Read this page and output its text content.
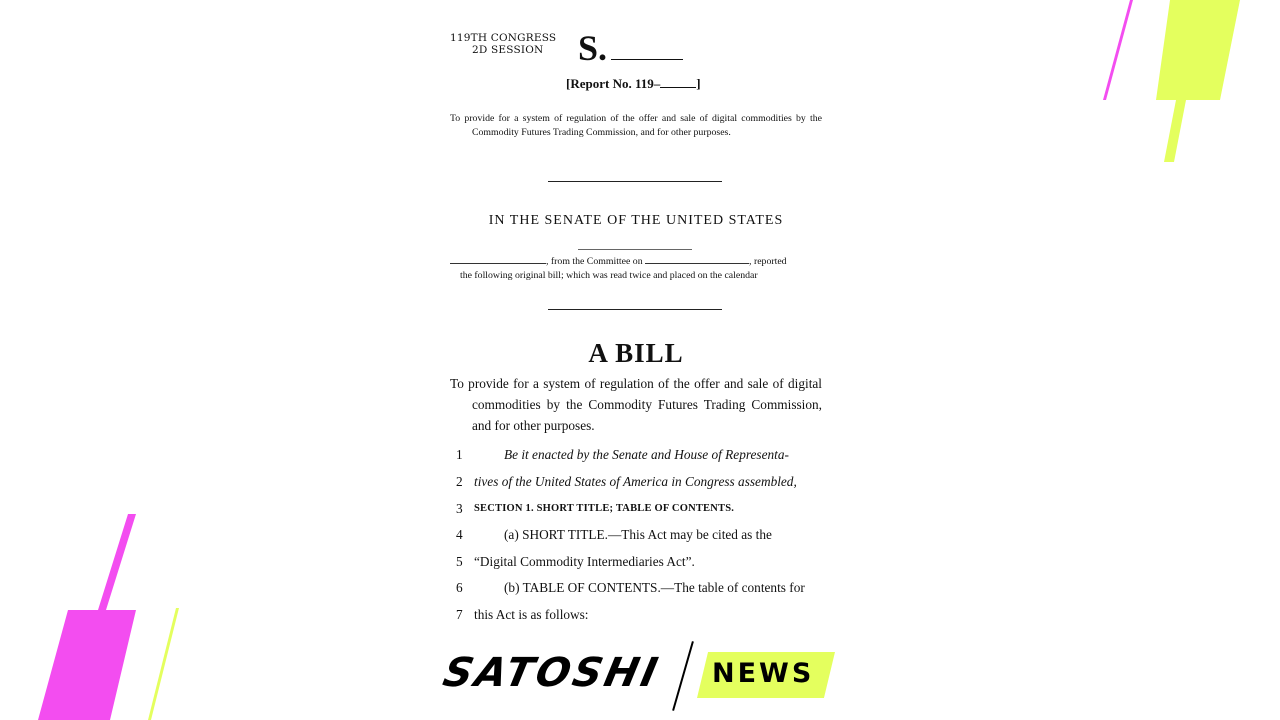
119TH CONGRESS
2D SESSION S.
[Report No. 119–	]
To provide for a system of regulation of the offer and sale of digital commodities by the Commodity Futures Trading Commission, and for other purposes.
IN THE SENATE OF THE UNITED STATES
, from the Committee on	, reported
the following original bill; which was read twice and placed on the calendar
A BILL
To provide for a system of regulation of the offer and sale of digital commodities by the Commodity Futures Trading Commission, and for other purposes.
1	Be it enacted by the Senate and House of Representa-
2 tives of the United States of America in Congress assembled,
3	SECTION 1. SHORT TITLE; TABLE OF CONTENTS.
4	(a) SHORT TITLE.—This Act may be cited as the
5 “Digital Commodity Intermediaries Act”.
6	(b) TABLE OF CONTENTS.—The table of contents for
7 this Act is as follows:
SATOSHI NEWS
